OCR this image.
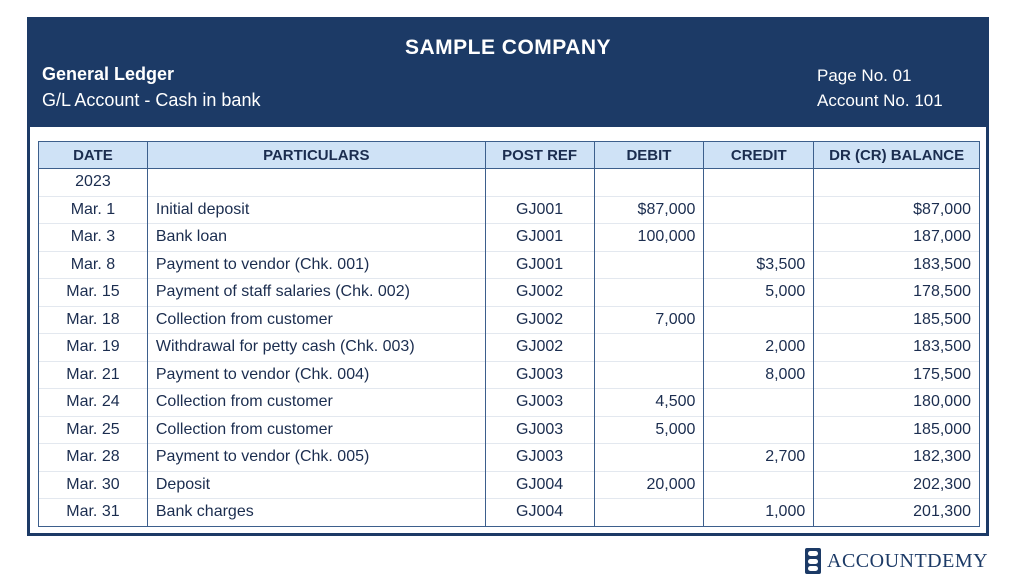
SAMPLE COMPANY
General Ledger
G/L Account - Cash in bank
Page No. 01
Account No. 101
DATE	PARTICULARS	POST REF	DEBIT	CREDIT	DR (CR) BALANCE
2023					
Mar. 1	Initial deposit	GJ001	$87,000		$87,000
Mar. 3	Bank loan	GJ001	100,000		187,000
Mar. 8	Payment to vendor (Chk. 001)	GJ001		$3,500	183,500
Mar. 15	Payment of staff salaries (Chk. 002)	GJ002		5,000	178,500
Mar. 18	Collection from customer	GJ002	7,000		185,500
Mar. 19	Withdrawal for petty cash (Chk. 003)	GJ002		2,000	183,500
Mar. 21	Payment to vendor (Chk. 004)	GJ003		8,000	175,500
Mar. 24	Collection from customer	GJ003	4,500		180,000
Mar. 25	Collection from customer	GJ003	5,000		185,000
Mar. 28	Payment to vendor (Chk. 005)	GJ003		2,700	182,300
Mar. 30	Deposit	GJ004	20,000		202,300
Mar. 31	Bank charges	GJ004		1,000	201,300
ACCOUNTDEMY
